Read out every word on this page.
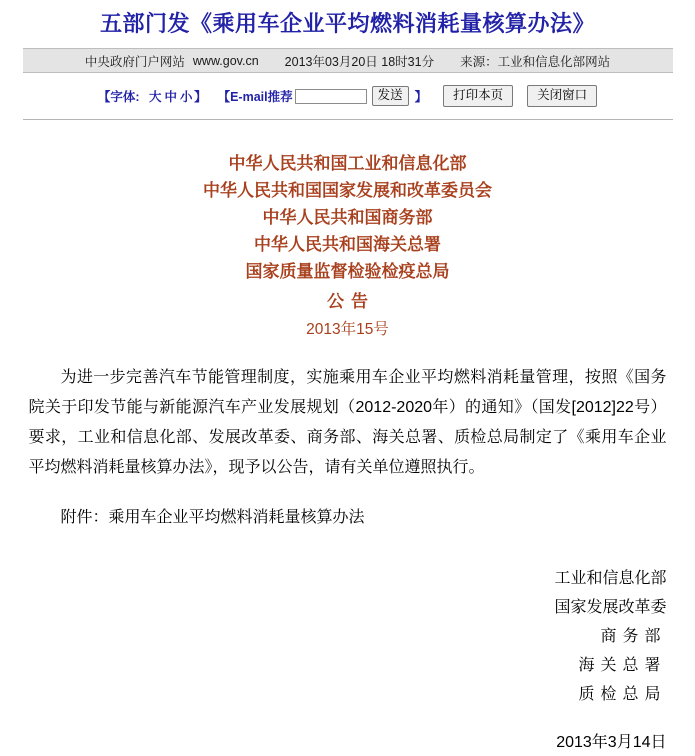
五部门发《乘用车企业平均燃料消耗量核算办法》
中央政府门户网站 www.gov.cn 2013年03月20日 18时31分 来源： 工业和信息化部网站
【字体: 大 中 小 】 【 E-mail推荐	发送 】	打印本页	关闭窗口
中华人民共和国工业和信息化部
中华人民共和国国家发展和改革委员会
中华人民共和国商务部
中华人民共和国海关总署
国家质量监督检验检疫总局
公告
2013年15号

为进一步完善汽车节能管理制度，实施乘用车企业平均燃料消耗量管理，按照《国务院关于印发节能与新能源汽车产业发展规划（2012-2020年）的通知》（国发[2012]22号）要求，工业和信息化部、发展改革委、商务部、海关总署、质检总局制定了《乘用车企业平均燃料消耗量核算办法》，现予以公告，请有关单位遵照执行。

附件：乘用车企业平均燃料消耗量核算办法
工业和信息化部
国家发展改革委
商务部
海关总署
质检总局
2013年3月14日
